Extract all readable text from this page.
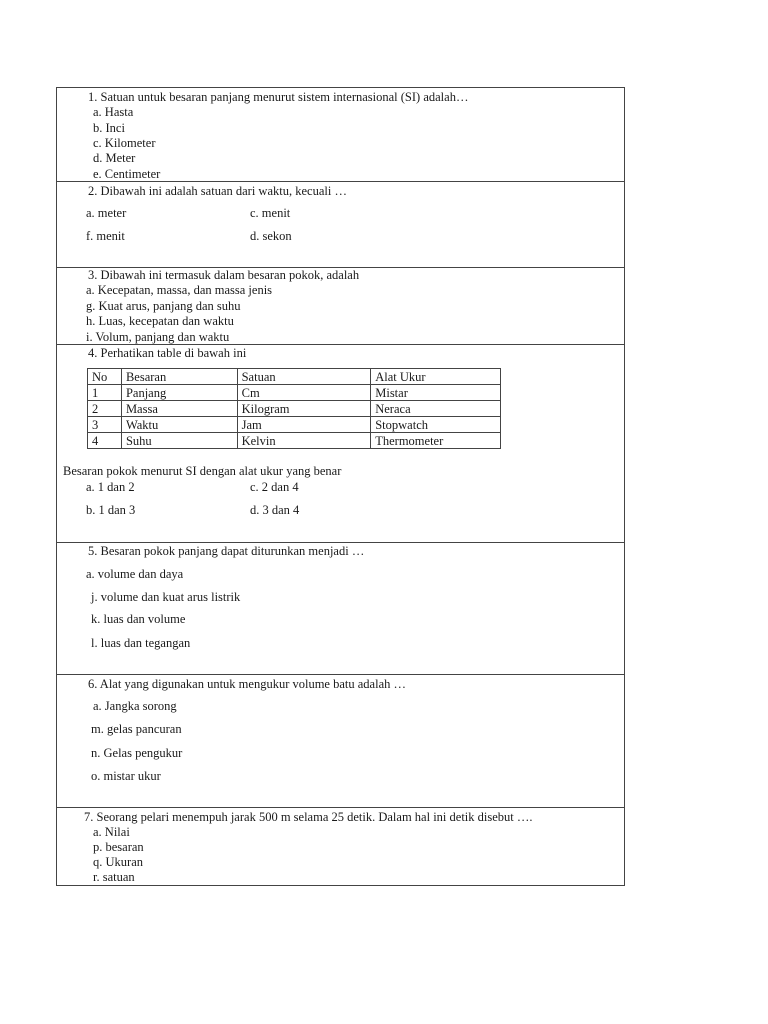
1. Satuan untuk besaran panjang menurut sistem internasional (SI) adalah…
a. Hasta
b. Inci
c. Kilometer
d. Meter
e. Centimeter
2. Dibawah ini adalah satuan dari waktu, kecuali …
a. meter	c. menit
f. menit	d. sekon
3. Dibawah ini termasuk dalam besaran pokok, adalah
a. Kecepatan, massa, dan massa jenis
g. Kuat arus, panjang dan suhu
h. Luas, kecepatan dan waktu
i. Volum, panjang dan waktu
4. Perhatikan table di bawah ini
No	Besaran	Satuan	Alat Ukur
1	Panjang	Cm	Mistar
2	Massa	Kilogram	Neraca
3	Waktu	Jam	Stopwatch
4	Suhu	Kelvin	Thermometer
Besaran pokok menurut SI dengan alat ukur yang benar
a. 1 dan 2	c. 2 dan 4
b. 1 dan 3	d. 3 dan 4
5. Besaran pokok panjang dapat diturunkan menjadi …
a. volume dan daya
j. volume dan kuat arus listrik
k. luas dan volume
l. luas dan tegangan
6. Alat yang digunakan untuk mengukur volume batu adalah …
a. Jangka sorong
m. gelas pancuran
n. Gelas pengukur
o. mistar ukur
7. Seorang pelari menempuh jarak 500 m selama 25 detik. Dalam hal ini detik disebut ….
a. Nilai
p. besaran
q. Ukuran
r. satuan
